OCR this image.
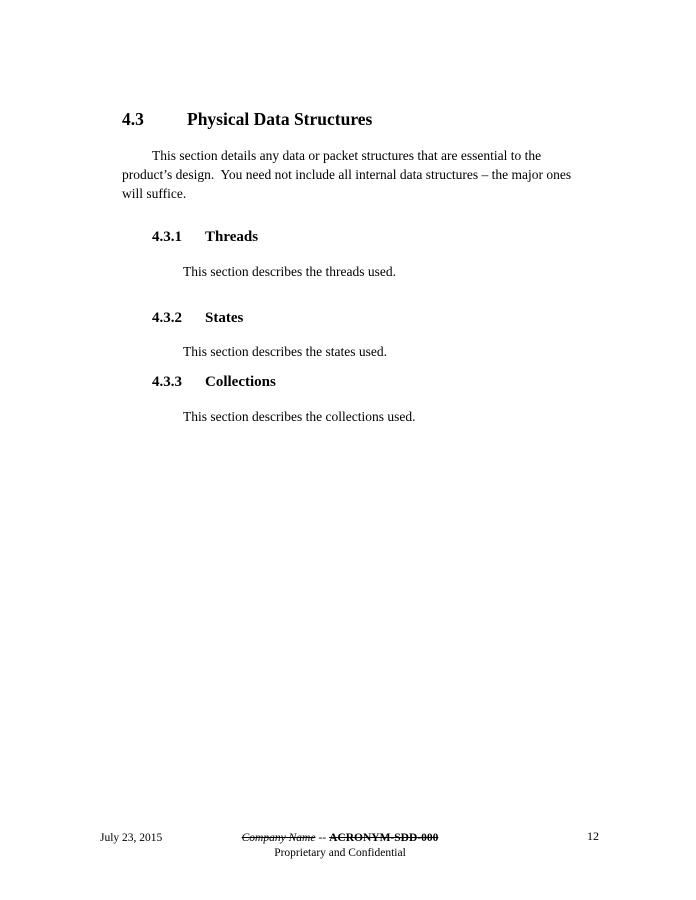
4.3 Physical Data Structures

This section details any data or packet structures that are essential to the product’s design.  You need not include all internal data structures – the major ones will suffice.

4.3.1 Threads

This section describes the threads used.

4.3.2 States

This section describes the states used.

4.3.3 Collections

This section describes the collections used.

July 23, 2015	Company Name -- ACRONYM-SDD-000
Proprietary and Confidential
12
